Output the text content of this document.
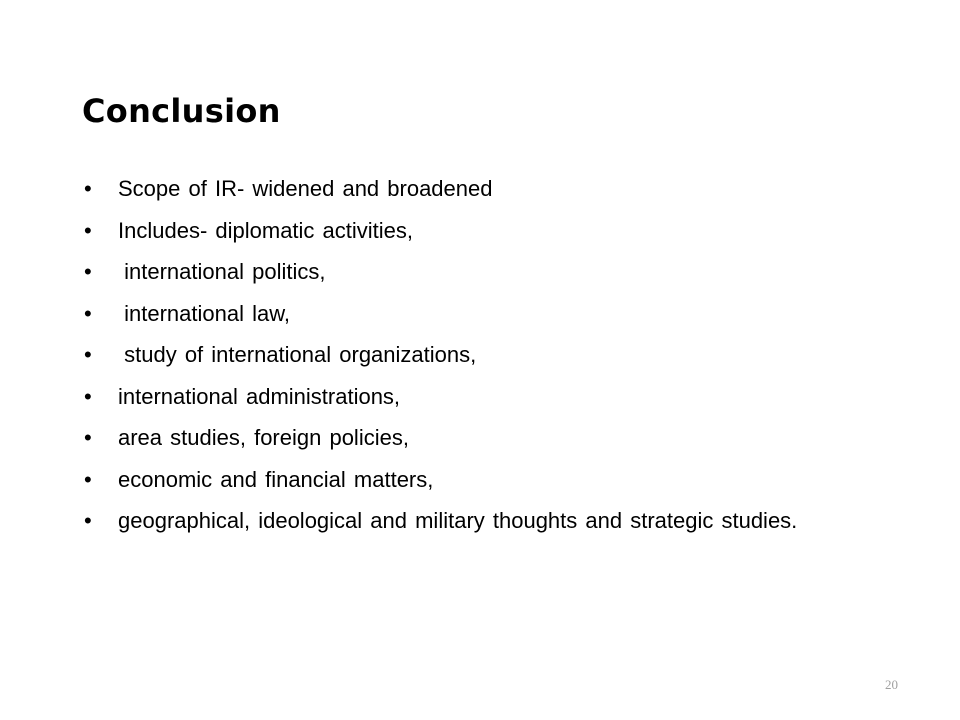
Conclusion
• Scope of IR- widened and broadened
• Includes- diplomatic activities,
• international politics,
• international law,
• study of international organizations,
• international administrations,
• area studies, foreign policies,
• economic and financial matters,
• geographical, ideological and military thoughts and strategic studies.
20
